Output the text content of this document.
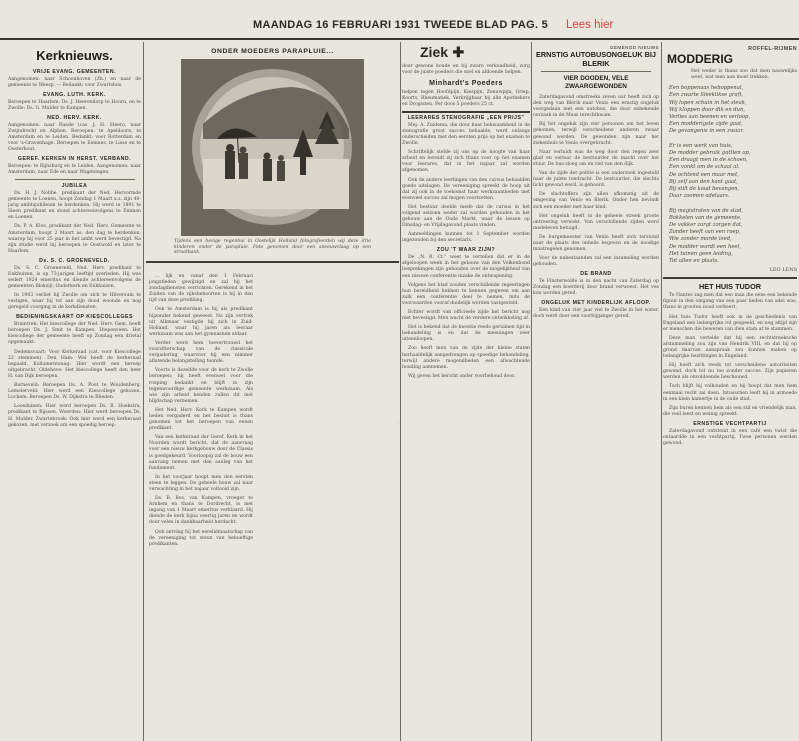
MAANDAG 16 FEBRUARI 1931 TWEEDE BLAD PAG. 5 Lees hier
Kerknieuws.
VRIJE EVANG. GEMEENTEN.

Aangenomen: naar Schoonhoven (Zh.) en naar de gemeente te Weesp. — Bedankt: voor Zwartsluis.

EVANG. LUTH. KERK.

Beroepen te Haarlem: Ds. J. Heerendorp te Hoorn, en te Zwolle: Ds. G. Mulder te Kampen.

NED. HERV. KERK.

Aangenomen: naar Ruede (cas. J. H. Steen), naar Zwijndrecht en Alphen. Beroepen: te Apeldoorn, te Amsterdam en te Leiden. Bedankt: voor Rotterdam en voor 's-Gravenhage. Beroepen te Eemnes, te Lisse en te Oosterhout.

GEREF. KERKEN IN HERST. VERBAND.

Beroepen: te Rijnsburg en te Leiden. Aangenomen: naar Amsterdam, naar Ede en naar Wageningen.

JUBILEA

Ds. H. J. Nobbe, predikant der Ned. Hervormde gemeente te Loenen, hoopt Zondag 1 Maart a.s. zijn 40-jarig ambtsjubileum te herdenken. Hij werd in 1891 te Sleen predikant en stond achtereenvolgens te Emmen en Loenen.

Ds. P. A. Klos, predikant der Ned. Herv. Gemeente te Amsterdam, hoopt 2 Maart as. den dag te herdenken, waarop hij voor 25 jaar in het ambt werd bevestigd. Na zijn studie werd hij beroepen te Oostwold en later te Haarlem.

Ds. S. C. GROENEVELD.

Ds. S. C. Groeneveld, Ned. Herv. predikant te Enkhuizen, is op 73-jarigen leeftijd overleden. Hij was sedert 1924 emeritus en diende achtereenvolgens de gemeenten Blokzijl, Ouderkerk en Enkhuizen.

In 1903 verliet hij Zwolle om zich te Hilversum te vestigen, waar hij tot aan zijn dood woonde en nog geregeld voorging in de kerkdiensten.

BEDIENINGSKAART OP KIESCOLLEGES

Braintrek: Het kiescollege der Ned. Herv. Gem. heeft beroepen Ds. J. Smit te Kampen. Diepenveen: Het kiescollege der gemeente heeft op Zondag een drietal opgemaakt.

Dedemsvaart: Voor Kerkeraad (cat. voor Kiescollege 22 stemmen). Den Ham: Wel heeft de kerkeraad bepaald. Kollumerzwaag: Hier wordt een beroep uitgebracht. Oldehove: Het kiescollege heeft den heer H. van Dijk beroepen.

Barneveld: Beroepen Ds. A. Poot te Woudenberg. Lemelerveld: Hier werd een Kiescollege gekozen. Lochem: Beroepen Ds. W. Dijkstra te Rheden.

Loosduinen: Hier werd beroepen Ds. B. Hoekstra, predikant te Rijssen. Woerden: Hier werd beroepen Ds. H. Mulder. Zwartebroek: Ook hier werd een kerkeraad gekozen, met verzoek om een spoedig beroep.

ONDER MOEDERS PARAPLUIE...
Tijdens een hevige regenbui in Oostelijk Holland fotografeerden wij deze drie kinderen onder de parapluie. Foto genomen door een sneeuwvlaag op een straatbank.

... lijk en vanaf den 1 Februari jongstleden gewijzigd en zal hij het zondagdiensten verrichten. Gerekend in het Zuiden van de rijksbehoorten is hij in den tijd van deze prediking.

Ook te Amsterdam is hij als predikant bijzonder bekend geweest. Na zijn vertrek uit Alkmaar vestigde hij zich in Zuid-Holland, waar hij jaren als leeraar werkzaam was aan het gymnasium aldaar.

Verder werd hem toevertrouwd het voorzitterschap van de classicale vergadering, waarvoor hij een nimmer aflatende belangstelling toonde.

Voorts is dezelfde voor de kerk te Zwolle beroepen; hij heeft evenwel voor die roeping bedankt en blijft in zijn tegenwoordige gemeente werkzaam. Als wie zijn arbeid kenden zullen dit met blijdschap vernemen.

Het Ned. Herv. Kerk te Kampen wordt heden vergaderd en het besluit is thans genomen tot het beroepen van eenen predikant.

Van een kerkeraad der Geref. Kerk in het Noorden wordt bericht, dat de aanvraag voor een nieuw kerkgebouw door de Classis is goedgekeurd. Voorloopig zal de bouw een aanvang nemen met den aanleg van het fundament.

In het voorjaar hoopt men den eersten steen te leggen. De geheele bouw zal naar verwachting in het najaar voltooid zijn.

Ds. B. Bos, van Kampen, vroeger te Arnhem en thans te Dordrecht, is met ingang van 1 Maart emeritus verklaard. Hij diende de kerk bijna veertig jaren en wordt door velen in dankbaarheid herdacht.

Ook ontving hij het eerelidmaatschap van de vereeniging tot steun van behoeftige predikanten.

Ziek ✚

door gewone koude en bij zware verkoudheid, zorg voor de juiste poeders die snel en afdoende helpen.

Minhardt's Poeders

helpen tegen Hoofdpijn, Kiespijn, Zenuwpijn, Griep, Koorts, Rheumatiek. Verkrijgbaar bij alle Apothekers en Drogisten. Per doos 5 poeders 25 ct.

LEERARES STENOGRAFIE „EEN PRIJS"

Mej. A. Zuidema, die door haar bekwaamheid in de stenografie groot succes behaalde, werd onlangs onderscheiden met den eersten prijs op het examen te Zwolle.

Schriftelijk stelde zij ons op de hoogte van haar arbeid en bereidt zij zich thans voor op het examen voor leerares, dat in het najaar zal worden afgenomen.

Ook de andere leerlingen van den cursus behaalden goede uitslagen. De vereeniging spreekt de hoop uit dat zij ook in de toekomst haar werkzaamheden met evenveel succes zal mogen voortzetten.

Het bestuur deelde mede dat de cursus in het volgend seizoen weder zal worden gehouden in het gebouw aan de Oude Markt, waar de lessen op Dinsdag- en Vrijdagavond plaats vinden.

Aanmeldingen kunnen tot 1 September worden ingezonden bij den secretaris.

ZOU 'T WAAR ZIJN?

De „N. R. Ct." weet te vertellen dat er in de afgeloopen week in het gebouw van den Volkenbond besprekingen zijn gehouden over de mogelijkheid van een nieuwe conferentie inzake de ontwapening.

Volgens het blad zouden verschillende regeeringen hun bereidheid hebben te kennen gegeven om aan zulk een conferentie deel te nemen, mits de voorwaarden vooraf duidelijk worden vastgesteld.

Echter wordt van officieele zijde het bericht nog niet bevestigd. Men wacht de verdere ontwikkeling af.

Het is bekend dat de kwestie reeds geruimen tijd in behandeling is en dat de meeningen zeer uiteenloopen.

Zoo heeft men van de zijde der kleine staten herhaaldelijk aangedrongen op spoedige behandeling, terwijl andere mogendheden een afwachtende houding aannemen.

Wij geven het bericht onder voorbehoud door.

GEMENGD NIEUWS
ERNSTIG AUTOBUSONGELUK BIJ BLERIK
VIER DOODEN, VELE ZWAARGEWONDEN

Zaterdagavond omstreeks zeven uur heeft zich op den weg van Blerik naar Venlo een ernstig ongeluk voorgedaan met een autobus, die door onbekende oorzaak in de Maas terechtkwam.

Bij het ongeluk zijn vier personen om het leven gekomen, terwijl verscheidene anderen zwaar gewond werden. De gewonden zijn naar het ziekenhuis te Venlo overgebracht.

Naar verluidt was de weg door den regen zeer glad en verloor de bestuurder de macht over het stuur. De bus sloeg om en viel van den dijk.

Van de zijde der politie is een onderzoek ingesteld naar de juiste toedracht. De bestuurder, die slechts licht gewond werd, is gehoord.

De slachtoffers zijn allen afkomstig uit de omgeving van Venlo en Blerik. Onder hen bevindt zich een moeder met haar kind.

Het ongeluk heeft in de geheele streek groote ontroering verwekt. Van verschillende zijden werd medeleven betuigd.

De burgemeester van Venlo heeft zich terstond naar de plaats des onheils begeven en de noodige maatregelen genomen.

Voor de nabestaanden zal een inzameling worden gehouden.

DE BRAND

Te Finsterwolde is in den nacht van Zaterdag op Zondag een boerderij door brand verwoest. Het vee kon worden gered.

ONGELUK MET KINDERLIJK AFLOOP.

Een kind van vier jaar viel te Zwolle in het water, doch werd door een voorbijganger gered.

ROFFEL-RIJMEN
MODDERIG

Het weder is thans zoo dat men nauwelijks weet, wat men aan moet trekken.

Een boppenaas heboppenal,
Een zwarte Sleeklikse graft,
Wij lopen schuin in het sleuk,
Wij kloppen door dik en dun,
Verlies aan beenen en verloop,
Een modderigste zijde gaat,
De gevangenis in een zwaar.

Er is een werk van huis,
De modder gebruik guttlen op,
Een draagt men in de schoen,
Een vonkt om de schaal al.
De ochtend een maar met,
Bij zelf aan den kant gaat,
Bij stilt de koud bevangen,
Daar zoomen adelaars.

Bij magistraten van de stad,
Bokkelen van de gemeente,
De vakker zorgt zorgen dat,
Zonder heeft van een roep,
Wie zonder morde leed,
De modder wordt een heel,
Het tuinen geen leiding,
Tot allen en plaats.
LEO LENS
HET HUIS TUDOR

Te Nantes zag men dat een man die eens een bekende figuur in den omgang van een paar lieden van adel was, thans in grooten nood verkeert.

Het huis Tudor heeft ook in de geschiedenis van Engeland een belangrijke rol gespeeld, en nog altijd zijn er menschen die beweren van dien stam af te stammen.

Deze man vertelde dat hij een rechtstreeksche afstammeling zou zijn van Hendrik VIII, en dat hij op grond daarvan aanspraak zou kunnen maken op belangrijke bezittingen in Engeland.

Hij heeft zich reeds tot verscheidene autoriteiten gewend, doch tot nu toe zonder succes. Zijn papieren werden als onvoldoende beschouwd.

Toch blijft hij volhouden en hij hoopt dat men hem eenmaal recht zal doen. Intusschen leeft hij in armoede in een klein kamertje in de oude stad.

Zijn buren kennen hem als een stil en vriendelijk man, die veel leest en weinig spreekt.

ERNSTIGE VECHTPARTIJ

Zaterdagavond ontstond in een café een twist die ontaardde in een vechtpartij. Twee personen werden gewond.
